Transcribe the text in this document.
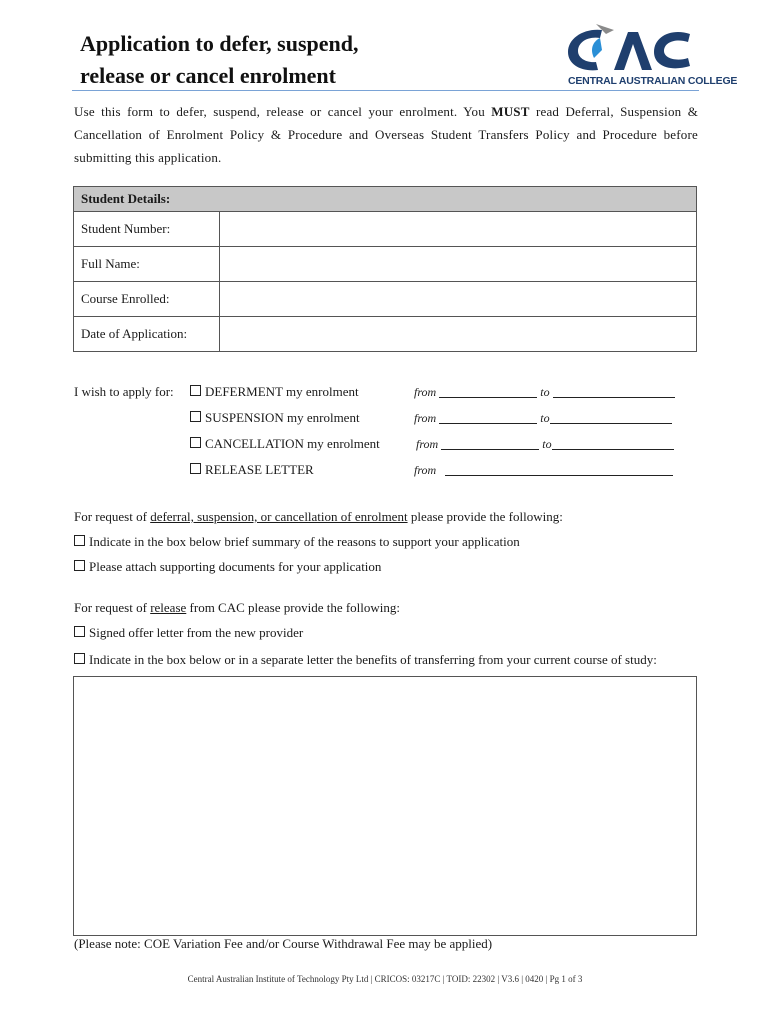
Application to defer, suspend,
release or cancel enrolment	CENTRAL AUSTRALIAN COLLEGE
Use this form to defer, suspend, release or cancel your enrolment. You MUST read Deferral, Suspension & Cancellation of Enrolment Policy & Procedure and Overseas Student Transfers Policy and Procedure before submitting this application.
Student Details:	
Student Number:	
Full Name:	
Course Enrolled:	
Date of Application:	
I wish to apply for:	DEFERMENT my enrolment	from	to
SUSPENSION my enrolment	from	to
CANCELLATION my enrolment	from	to
RELEASE LETTER	from
For request of deferral, suspension, or cancellation of enrolment please provide the following:
Indicate in the box below brief summary of the reasons to support your application
Please attach supporting documents for your application
For request of release from CAC please provide the following:
Signed offer letter from the new provider
Indicate in the box below or in a separate letter the benefits of transferring from your current course of study:
(Please note: COE Variation Fee and/or Course Withdrawal Fee may be applied)
Central Australian Institute of Technology Pty Ltd | CRICOS: 03217C | TOID: 22302 | V3.6 | 0420 | Pg 1 of 3
